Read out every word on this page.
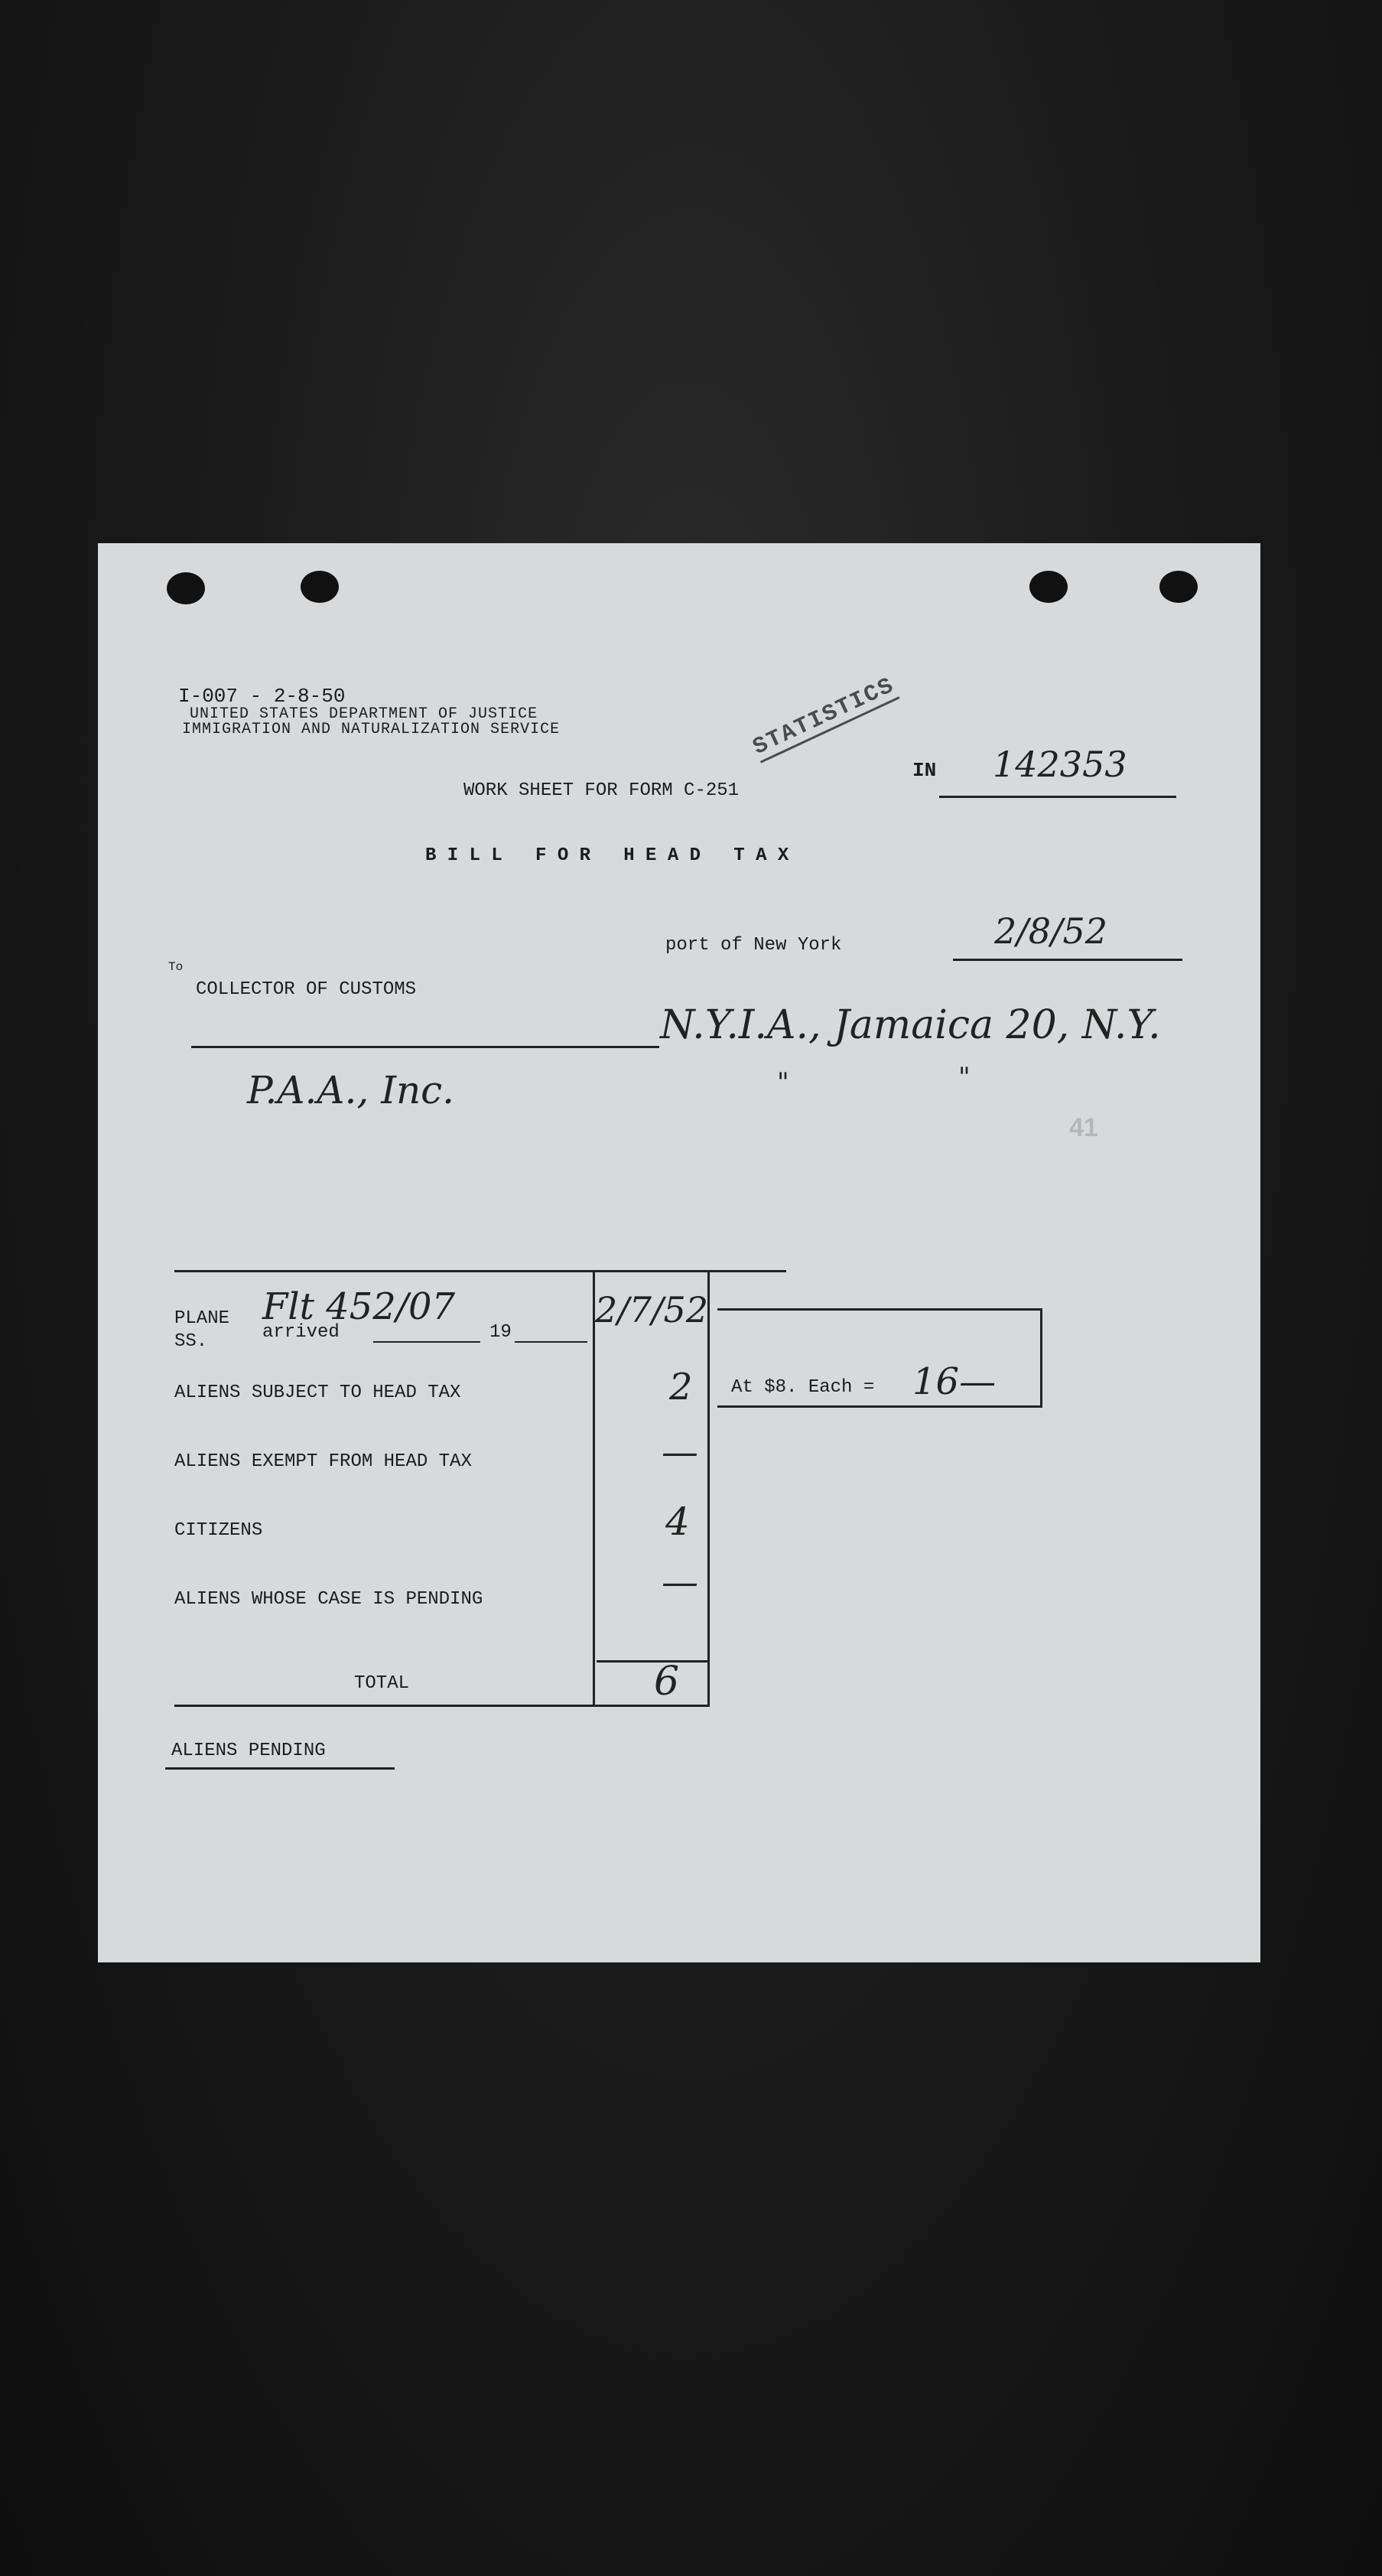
I-007 - 2-8-50
UNITED STATES DEPARTMENT OF JUSTICE
IMMIGRATION AND NATURALIZATION SERVICE	STATISTICS
IN 142353
WORK SHEET FOR FORM C-251
B I L L   F O R   H E A D   T A X
port of New York	2/8/52
To
COLLECTOR OF CUSTOMS
N.Y.I.A., Jamaica 20, N.Y.
P.A.A., Inc.	"	"
41
PLANE Flt 452/07
SS.	arrived	19
2/7/52
ALIENS SUBJECT TO HEAD TAX	2
ALIENS EXEMPT FROM HEAD TAX	—
CITIZENS	4
ALIENS WHOSE CASE IS PENDING	—
TOTAL	6
At $8. Each = 16—
ALIENS PENDING
